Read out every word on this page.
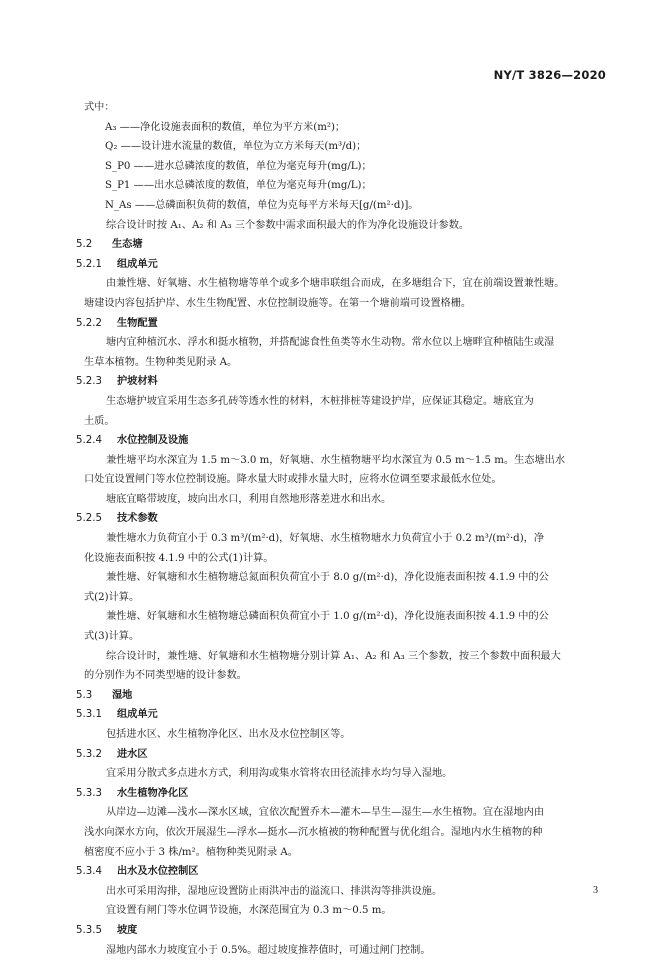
NY/T 3826—2020
式中：
A₃ ——净化设施表面积的数值，单位为平方米(m²)；
Q₂ ——设计进水流量的数值，单位为立方米每天(m³/d)；
S_P0 ——进水总磷浓度的数值，单位为毫克每升(mg/L)；
S_P1 ——出水总磷浓度的数值，单位为毫克每升(mg/L)；
N_As ——总磷面积负荷的数值，单位为克每平方米每天[g/(m²·d)]。
综合设计时按 A₁、A₂ 和 A₃ 三个参数中需求面积最大的作为净化设施设计参数。
5.2 生态塘
5.2.1 组成单元
由兼性塘、好氧塘、水生植物塘等单个或多个塘串联组合而成，在多塘组合下，宜在前端设置兼性塘。
塘建设内容包括护岸、水生生物配置、水位控制设施等。在第一个塘前端可设置格栅。
5.2.2 生物配置
塘内宜种植沉水、浮水和挺水植物，并搭配滤食性鱼类等水生动物。常水位以上塘畔宜种植陆生或湿
生草本植物。生物种类见附录 A。
5.2.3 护坡材料
生态塘护坡宜采用生态多孔砖等透水性的材料，木桩排桩等建设护岸，应保证其稳定。塘底宜为
土质。
5.2.4 水位控制及设施
兼性塘平均水深宜为 1.5 m～3.0 m，好氧塘、水生植物塘平均水深宜为 0.5 m～1.5 m。生态塘出水
口处宜设置闸门等水位控制设施。降水量大时或排水量大时，应将水位调至要求最低水位处。
塘底宜略带坡度，坡向出水口，利用自然地形落差进水和出水。
5.2.5 技术参数
兼性塘水力负荷宜小于 0.3 m³/(m²·d)，好氧塘、水生植物塘水力负荷宜小于 0.2 m³/(m²·d)，净
化设施表面积按 4.1.9 中的公式(1)计算。
兼性塘、好氧塘和水生植物塘总氮面积负荷宜小于 8.0 g/(m²·d)，净化设施表面积按 4.1.9 中的公
式(2)计算。
兼性塘、好氧塘和水生植物塘总磷面积负荷宜小于 1.0 g/(m²·d)，净化设施表面积按 4.1.9 中的公
式(3)计算。
综合设计时，兼性塘、好氧塘和水生植物塘分别计算 A₁、A₂ 和 A₃ 三个参数，按三个参数中面积最大
的分别作为不同类型塘的设计参数。
5.3 湿地
5.3.1 组成单元
包括进水区、水生植物净化区、出水及水位控制区等。
5.3.2 进水区
宜采用分散式多点进水方式，利用沟或集水管将农田径流排水均匀导入湿地。
5.3.3 水生植物净化区
从岸边—边滩—浅水—深水区域，宜依次配置乔木—灌木—旱生—湿生—水生植物。宜在湿地内由
浅水向深水方向，依次开展湿生—浮水—挺水—沉水植被的物种配置与优化组合。湿地内水生植物的种
植密度不应小于 3 株/m²。植物种类见附录 A。
5.3.4 出水及水位控制区
出水可采用沟排，湿地应设置防止雨洪冲击的溢流口、排洪沟等排洪设施。
宜设置有闸门等水位调节设施，水深范围宜为 0.3 m～0.5 m。
5.3.5 坡度
湿地内部水力坡度宜小于 0.5%。超过坡度推荐值时，可通过闸门控制。
3
